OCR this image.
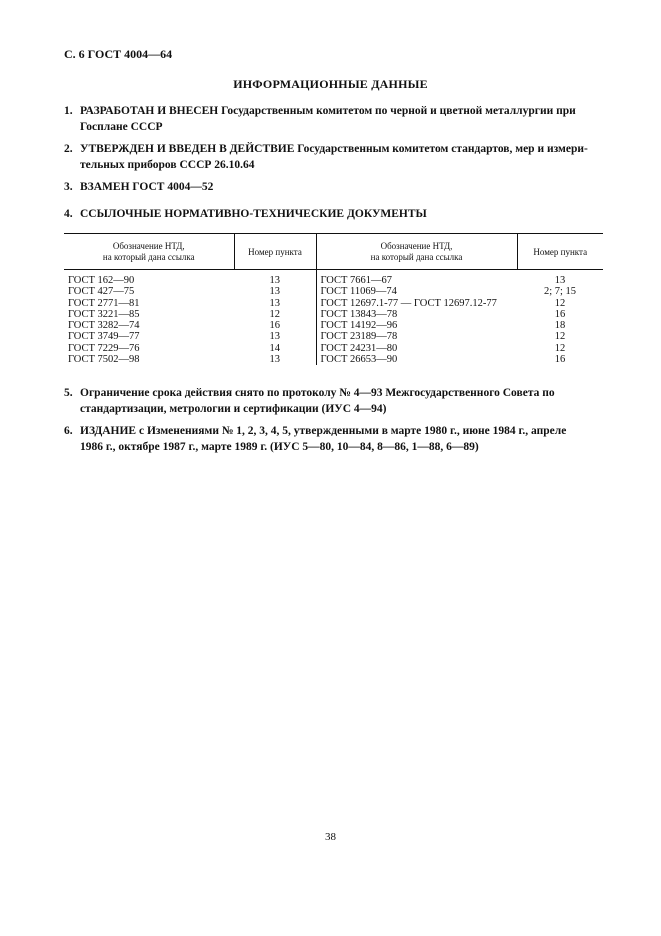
С. 6 ГОСТ 4004—64
ИНФОРМАЦИОННЫЕ ДАННЫЕ
1. РАЗРАБОТАН И ВНЕСЕН Государственным комитетом по черной и цветной металлургии при
Госплане СССР
2. УТВЕРЖДЕН И ВВЕДЕН В ДЕЙСТВИЕ Государственным комитетом стандартов, мер и измери-
тельных приборов СССР 26.10.64
3. ВЗАМЕН ГОСТ 4004—52
4. ССЫЛОЧНЫЕ НОРМАТИВНО-ТЕХНИЧЕСКИЕ ДОКУМЕНТЫ
Обозначение НТД,
на который дана ссылка	Номер пункта	Обозначение НТД,
на который дана ссылка	Номер пункта
ГОСТ 162—90	13	ГОСТ 7661—67	13
ГОСТ 427—75	13	ГОСТ 11069—74	2; 7; 15
ГОСТ 2771—81	13	ГОСТ 12697.1-77 — ГОСТ 12697.12-77	12
ГОСТ 3221—85	12	ГОСТ 13843—78	16
ГОСТ 3282—74	16	ГОСТ 14192—96	18
ГОСТ 3749—77	13	ГОСТ 23189—78	12
ГОСТ 7229—76	14	ГОСТ 24231—80	12
ГОСТ 7502—98	13	ГОСТ 26653—90	16
5. Ограничение срока действия снято по протоколу № 4—93 Межгосударственного Совета по
стандартизации, метрологии и сертификации (ИУС 4—94)
6. ИЗДАНИЕ с Изменениями № 1, 2, 3, 4, 5, утвержденными в марте 1980 г., июне 1984 г., апреле
1986 г., октябре 1987 г., марте 1989 г. (ИУС 5—80, 10—84, 8—86, 1—88, 6—89)
38
